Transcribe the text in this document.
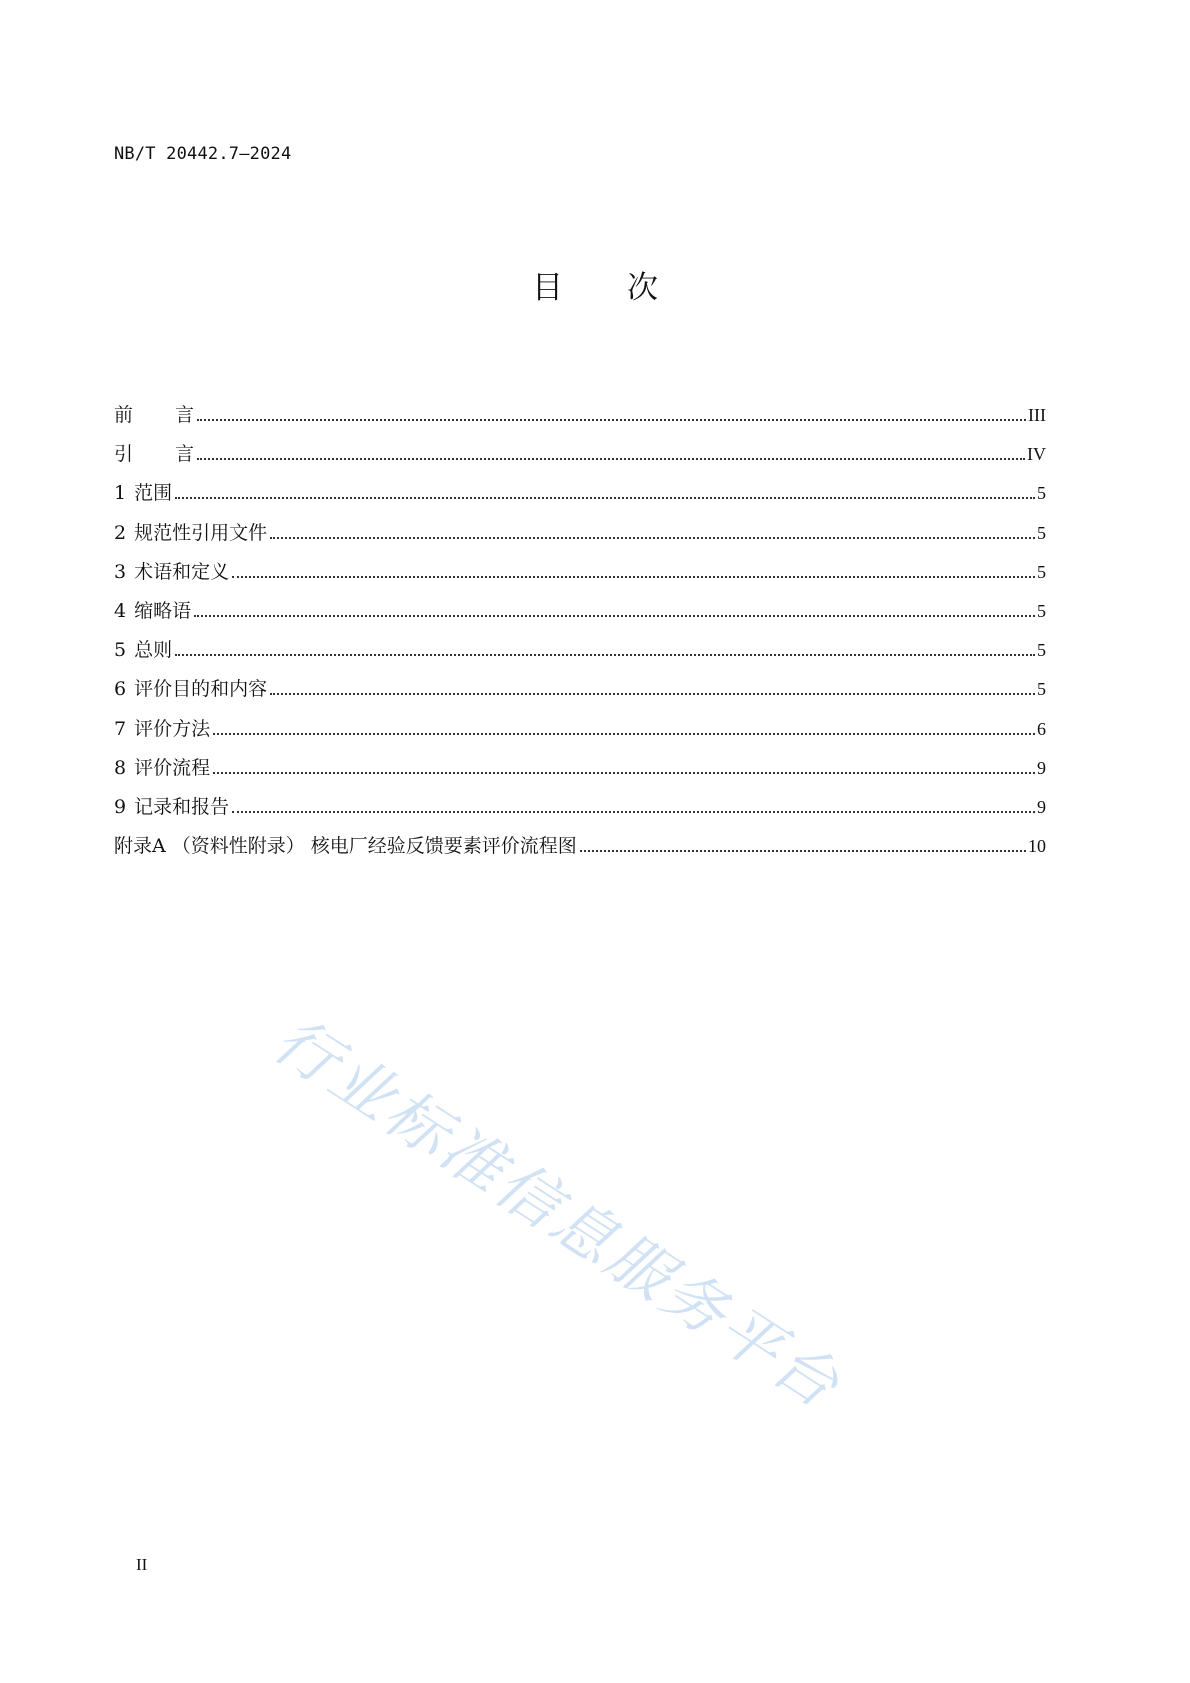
NB/T 20442.7—2024
目 次
前 言	III
引 言	IV
1 范围	5
2 规范性引用文件	5
3 术语和定义	5
4 缩略语	5
5 总则	5
6 评价目的和内容	5
7 评价方法	6
8 评价流程	9
9 记录和报告	9
附录A （资料性附录） 核电厂经验反馈要素评价流程图	10
行业标准信息服务平台
II
